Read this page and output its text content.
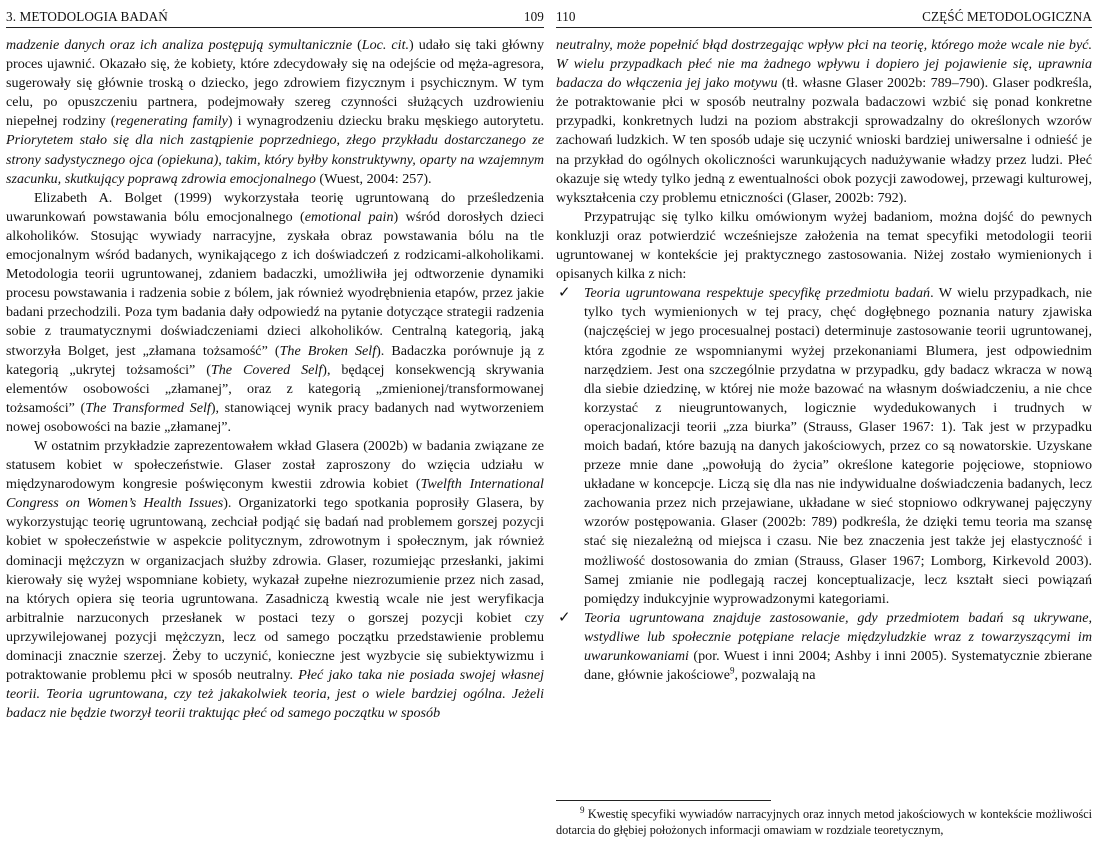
3. METODOLOGIA BADAŃ	109

madzenie danych oraz ich analiza postępują symultanicznie (Loc. cit.) udało się taki główny proces ujawnić. Okazało się, że kobiety, które zdecydowały się na odejście od męża-agresora, sugerowały się głównie troską o dziecko, jego zdrowiem fizycznym i psychicznym. W tym celu, po opuszczeniu partnera, podejmowały szereg czynności służących uzdrowieniu niepełnej rodziny (regenerating family) i wynagrodzeniu dziecku braku męskiego autorytetu. Priorytetem stało się dla nich zastąpienie poprzedniego, złego przykładu dostarczanego ze strony sadystycznego ojca (opiekuna), takim, który byłby konstruktywny, oparty na wzajemnym szacunku, skutkujący poprawą zdrowia emocjonalnego (Wuest, 2004: 257).

Elizabeth A. Bolget (1999) wykorzystała teorię ugruntowaną do prześledzenia uwarunkowań powstawania bólu emocjonalnego (emotional pain) wśród dorosłych dzieci alkoholików. Stosując wywiady narracyjne, zyskała obraz powstawania bólu na tle emocjonalnym wśród badanych, wynikającego z ich doświadczeń z rodzicami-alkoholikami. Metodologia teorii ugruntowanej, zdaniem badaczki, umożliwiła jej odtworzenie dynamiki procesu powstawania i radzenia sobie z bólem, jak również wyodrębnienia etapów, przez jakie badani przechodzili. Poza tym badania dały odpowiedź na pytanie dotyczące strategii radzenia sobie z traumatycznymi doświadczeniami dzieci alkoholików. Centralną kategorią, jaką stworzyła Bolget, jest „złamana tożsamość” (The Broken Self). Badaczka porównuje ją z kategorią „ukrytej tożsamości” (The Covered Self), będącej konsekwencją skrywania elementów osobowości „złamanej”, oraz z kategorią „zmienionej/transformowanej tożsamości” (The Transformed Self), stanowiącej wynik pracy badanych nad wytworzeniem nowej osobowości na bazie „złamanej”.

W ostatnim przykładzie zaprezentowałem wkład Glasera (2002b) w badania związane ze statusem kobiet w społeczeństwie. Glaser został zaproszony do wzięcia udziału w międzynarodowym kongresie poświęconym kwestii zdrowia kobiet (Twelfth International Congress on Women’s Health Issues). Organizatorki tego spotkania poprosiły Glasera, by wykorzystując teorię ugruntowaną, zechciał podjąć się badań nad problemem gorszej pozycji kobiet w społeczeństwie w aspekcie politycznym, zdrowotnym i społecznym, jak również dominacji mężczyzn w organizacjach służby zdrowia. Glaser, rozumiejąc przesłanki, jakimi kierowały się wyżej wspomniane kobiety, wykazał zupełne niezrozumienie przez nich zasad, na których opiera się teoria ugruntowana. Zasadniczą kwestią wcale nie jest weryfikacja arbitralnie narzuconych przesłanek w postaci tezy o gorszej pozycji kobiet czy uprzywilejowanej pozycji mężczyzn, lecz od samego początku przedstawienie problemu dominacji znacznie szerzej. Żeby to uczynić, konieczne jest wyzbycie się subiektywizmu i potraktowanie problemu płci w sposób neutralny. Płeć jako taka nie posiada swojej własnej teorii. Teoria ugruntowana, czy też jakakolwiek teoria, jest o wiele bardziej ogólna. Jeżeli badacz nie będzie tworzył teorii traktując płeć od samego początku w sposób

110	CZĘŚĆ METODOLOGICZNA

neutralny, może popełnić błąd dostrzegając wpływ płci na teorię, którego może wcale nie być. W wielu przypadkach płeć nie ma żadnego wpływu i dopiero jej pojawienie się, uprawnia badacza do włączenia jej jako motywu (tł. własne Glaser 2002b: 789–790). Glaser podkreśla, że potraktowanie płci w sposób neutralny pozwala badaczowi wzbić się ponad konkretne przypadki, konkretnych ludzi na poziom abstrakcji sprowadzalny do określonych wzorów zachowań ludzkich. W ten sposób udaje się uczynić wnioski bardziej uniwersalne i odnieść je na przykład do ogólnych okoliczności warunkujących nadużywanie władzy przez ludzi. Płeć okazuje się wtedy tylko jedną z ewentualności obok pozycji zawodowej, przewagi kulturowej, wykształcenia czy problemu etniczności (Glaser, 2002b: 792).

Przypatrując się tylko kilku omówionym wyżej badaniom, można dojść do pewnych konkluzji oraz potwierdzić wcześniejsze założenia na temat specyfiki metodologii teorii ugruntowanej w kontekście jej praktycznego zastosowania. Niżej zostało wymienionych i opisanych kilka z nich:

✓ Teoria ugruntowana respektuje specyfikę przedmiotu badań. W wielu przypadkach, nie tylko tych wymienionych w tej pracy, chęć dogłębnego poznania natury zjawiska (najczęściej w jego procesualnej postaci) determinuje zastosowanie teorii ugruntowanej, która zgodnie ze wspomnianymi wyżej przekonaniami Blumera, jest odpowiednim narzędziem. Jest ona szczególnie przydatna w przypadku, gdy badacz wkracza w nową dla siebie dziedzinę, w której nie może bazować na własnym doświadczeniu, a nie chce korzystać z nieugruntowanych, logicznie wydedukowanych i trudnych w operacjonalizacji teorii „zza biurka” (Strauss, Glaser 1967: 1). Tak jest w przypadku moich badań, które bazują na danych jakościowych, przez co są nowatorskie. Uzyskane przeze mnie dane „powołują do życia” określone kategorie pojęciowe, stopniowo układane w koncepcje. Liczą się dla nas nie indywidualne doświadczenia badanych, lecz zachowania przez nich przejawiane, układane w sieć stopniowo odkrywanej pajęczyny wzorów postępowania. Glaser (2002b: 789) podkreśla, że dzięki temu teoria ma szansę stać się niezależną od miejsca i czasu. Nie bez znaczenia jest także jej elastyczność i możliwość dostosowania do zmian (Strauss, Glaser 1967; Lomborg, Kirkevold 2003). Samej zmianie nie podlegają raczej konceptualizacje, lecz kształt sieci powiązań pomiędzy indukcyjnie wyprowadzonymi kategoriami.
✓ Teoria ugruntowana znajduje zastosowanie, gdy przedmiotem badań są ukrywane, wstydliwe lub społecznie potępiane relacje międzyludzkie wraz z towarzyszącymi im uwarunkowaniami (por. Wuest i inni 2004; Ashby i inni 2005). Systematycznie zbierane dane, głównie jakościowe$^9$, pozwalają na
$^9$ Kwestię specyfiki wywiadów narracyjnych oraz innych metod jakościowych w kontekście możliwości dotarcia do głębiej położonych informacji omawiam w rozdziale teoretycznym,
